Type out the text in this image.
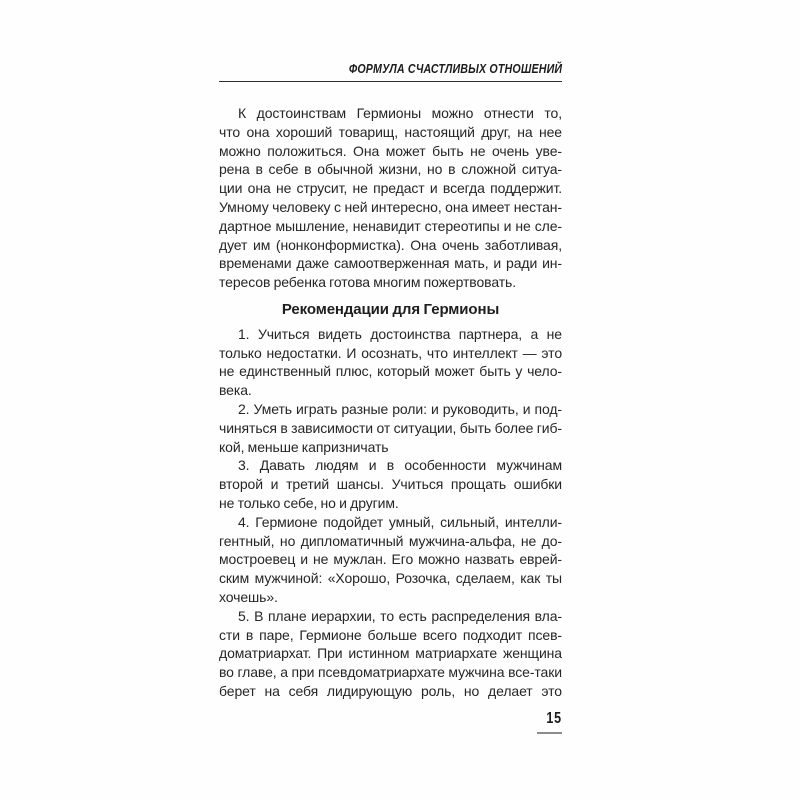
ФОРМУЛА СЧАСТЛИВЫХ ОТНОШЕНИЙ
К достоинствам Гермионы можно отнести то,
что она хороший товарищ, настоящий друг, на нее
можно положиться. Она может быть не очень уве-
рена в себе в обычной жизни, но в сложной ситуа-
ции она не струсит, не предаст и всегда поддержит.
Умному человеку с ней интересно, она имеет нестан-
дартное мышление, ненавидит стереотипы и не сле-
дует им (нонконформистка). Она очень заботливая,
временами даже самоотверженная мать, и ради ин-
тересов ребенка готова многим пожертвовать.
Рекомендации для Гермионы
1. Учиться видеть достоинства партнера, а не
только недостатки. И осознать, что интеллект — это
не единственный плюс, который может быть у чело-
века.
2. Уметь играть разные роли: и руководить, и под-
чиняться в зависимости от ситуации, быть более гиб-
кой, меньше капризничать
3. Давать людям и в особенности мужчинам
второй и третий шансы. Учиться прощать ошибки
не только себе, но и другим.
4. Гермионе подойдет умный, сильный, интелли-
гентный, но дипломатичный мужчина-альфа, не до-
мостроевец и не мужлан. Его можно назвать еврей-
ским мужчиной: «Хорошо, Розочка, сделаем, как ты
хочешь».
5. В плане иерархии, то есть распределения вла-
сти в паре, Гермионе больше всего подходит псев-
доматриархат. При истинном матриархате женщина
во главе, а при псевдоматриархате мужчина все-таки
берет на себя лидирующую роль, но делает это
15
